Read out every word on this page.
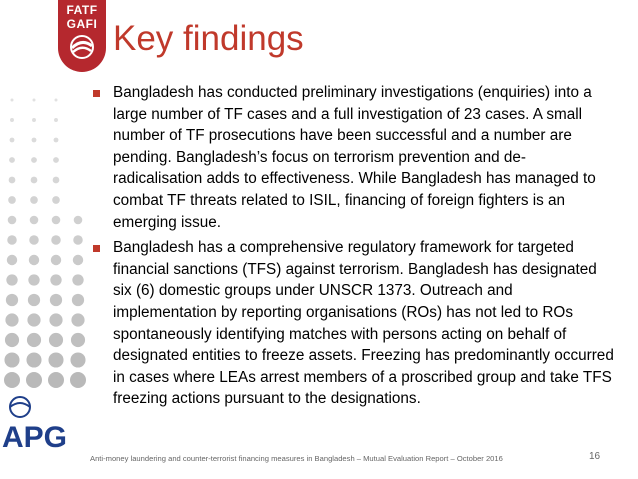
FATF
GAFI Key findings
Bangladesh has conducted preliminary investigations (enquiries) into a large number of TF cases and a full investigation of 23 cases. A small number of TF prosecutions have been successful and a number are pending. Bangladesh’s focus on terrorism prevention and de-radicalisation adds to effectiveness. While Bangladesh has managed to combat TF threats related to ISIL, financing of foreign fighters is an emerging issue.
Bangladesh has a comprehensive regulatory framework for targeted financial sanctions (TFS) against terrorism. Bangladesh has designated six (6) domestic groups under UNSCR 1373. Outreach and implementation by reporting organisations (ROs) has not led to ROs spontaneously identifying matches with persons acting on behalf of designated entities to freeze assets. Freezing has predominantly occurred in cases where LEAs arrest members of a proscribed group and take TFS freezing actions pursuant to the designations.
APG
Anti-money laundering and counter-terrorist financing measures in Bangladesh – Mutual Evaluation Report – October 2016	16
